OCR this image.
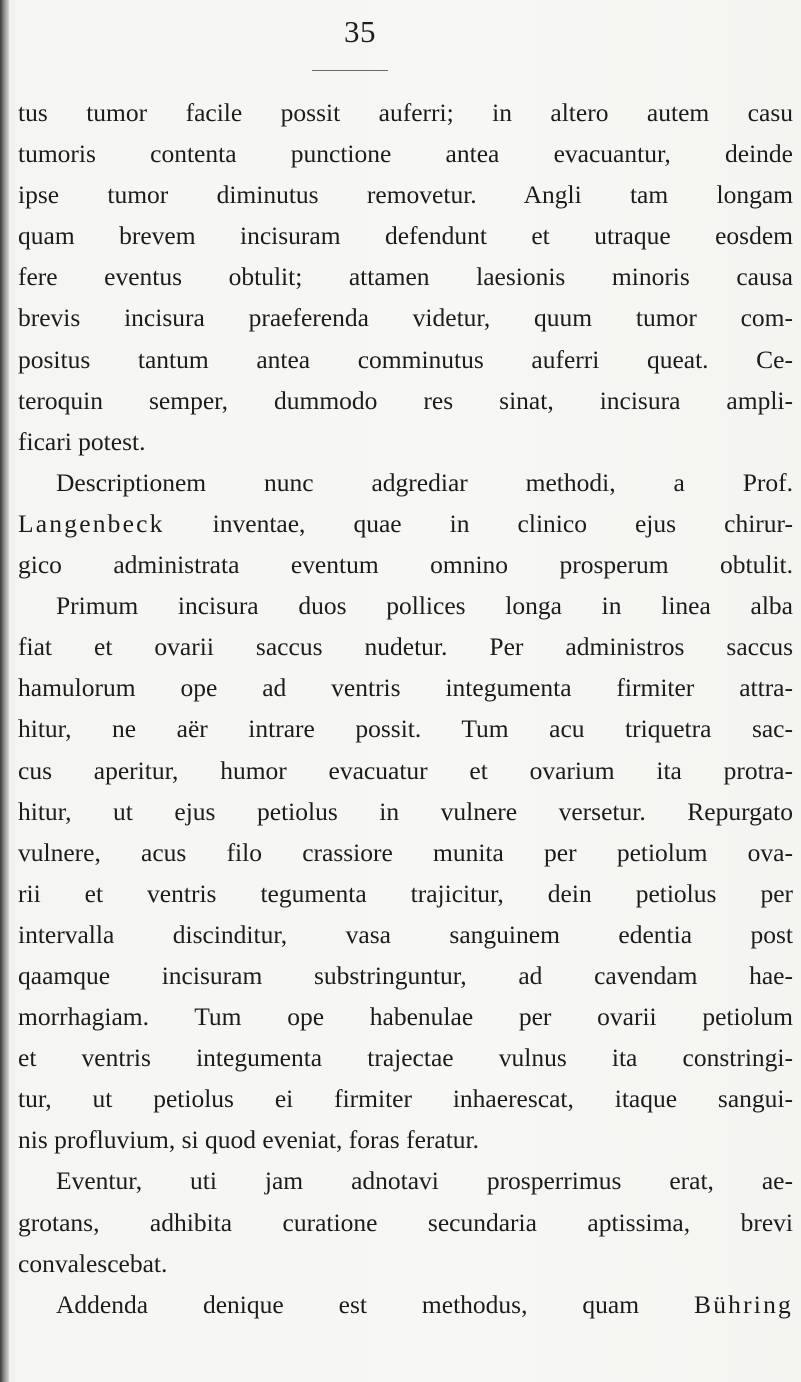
35
tus tumor facile possit auferri; in altero autem casu
tumoris contenta punctione antea evacuantur, deinde
ipse tumor diminutus removetur. Angli tam longam
quam brevem incisuram defendunt et utraque eosdem
fere eventus obtulit; attamen laesionis minoris causa
brevis incisura praeferenda videtur, quum tumor com-
positus tantum antea comminutus auferri queat. Ce-
teroquin semper, dummodo res sinat, incisura ampli-
ficari potest.
Descriptionem nunc adgrediar methodi, a Prof.
Langenbeck inventae, quae in clinico ejus chirur-
gico administrata eventum omnino prosperum obtulit.
Primum incisura duos pollices longa in linea alba
fiat et ovarii saccus nudetur. Per administros saccus
hamulorum ope ad ventris integumenta firmiter attra-
hitur, ne aër intrare possit. Tum acu triquetra sac-
cus aperitur, humor evacuatur et ovarium ita protra-
hitur, ut ejus petiolus in vulnere versetur. Repurgato
vulnere, acus filo crassiore munita per petiolum ova-
rii et ventris tegumenta trajicitur, dein petiolus per
intervalla discinditur, vasa sanguinem edentia post
qaamque incisuram substringuntur, ad cavendam hae-
morrhagiam. Tum ope habenulae per ovarii petiolum
et ventris integumenta trajectae vulnus ita constringi-
tur, ut petiolus ei firmiter inhaerescat, itaque sangui-
nis profluvium, si quod eveniat, foras feratur.
Eventur, uti jam adnotavi prosperrimus erat, ae-
grotans, adhibita curatione secundaria aptissima, brevi
convalescebat.
Addenda denique est methodus, quam Bühring
